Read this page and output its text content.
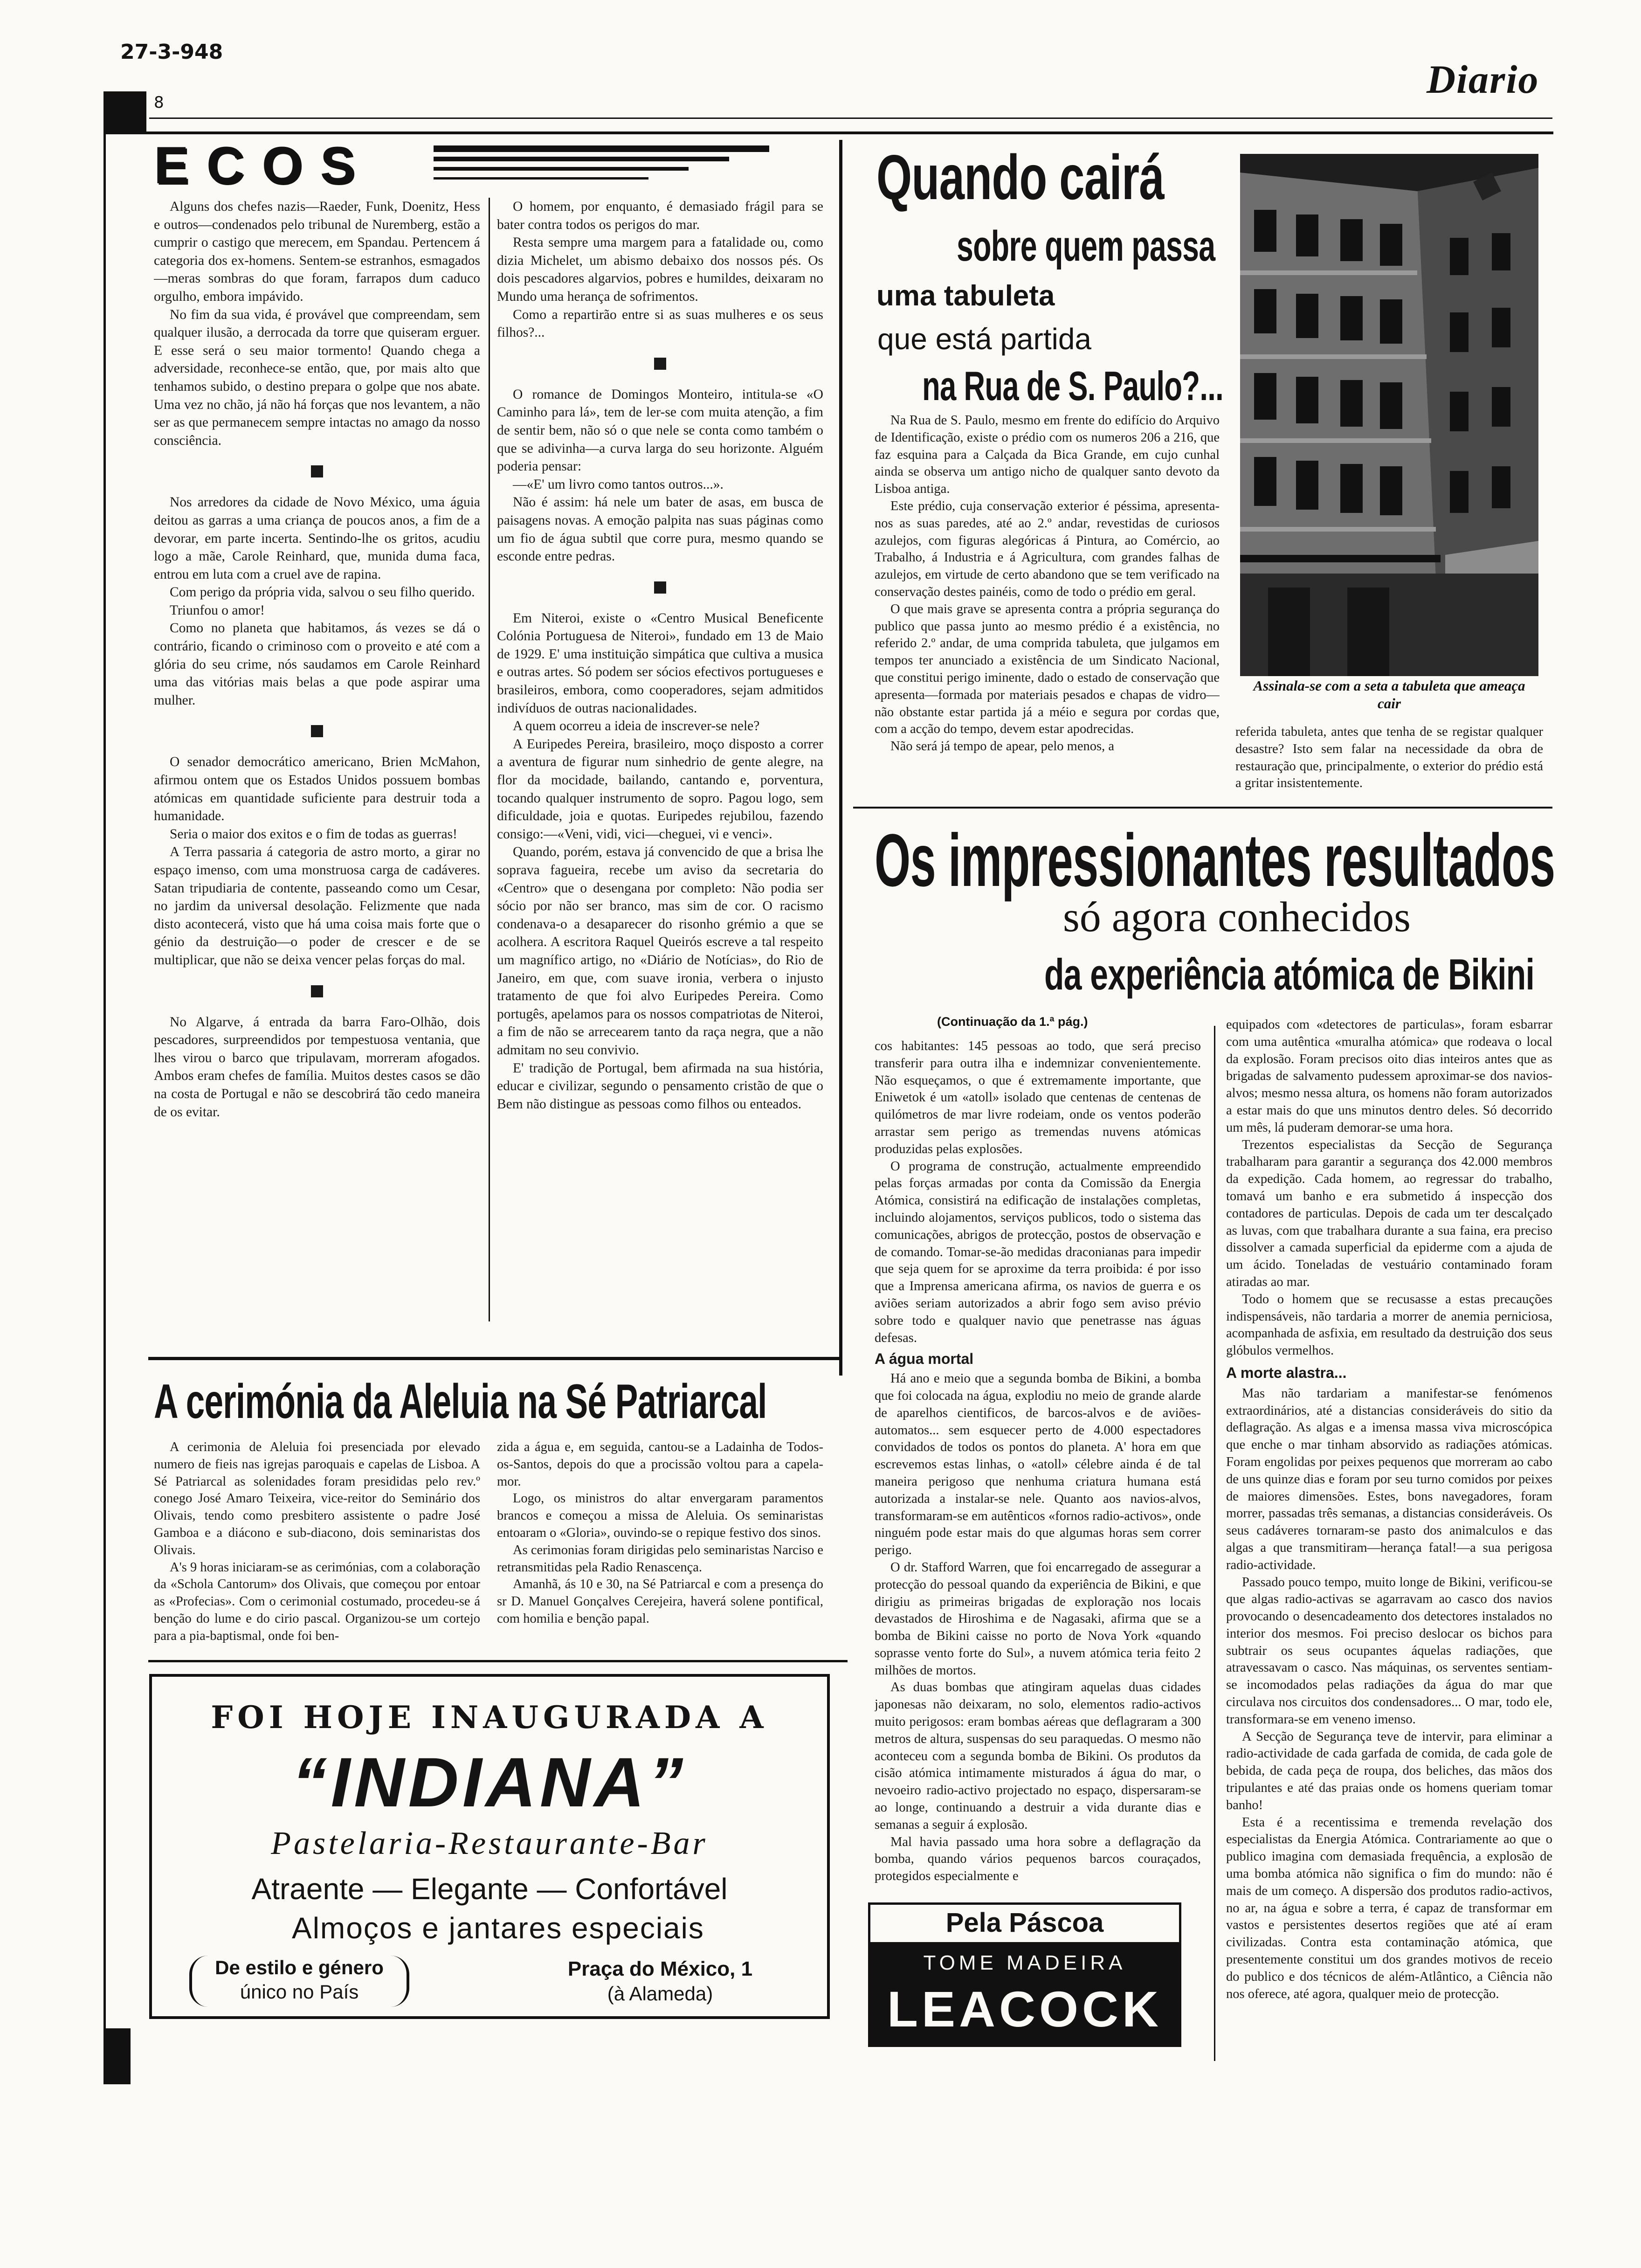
27-3-948
Diario
8
ECOS

Alguns dos chefes nazis—Raeder, Funk, Doenitz, Hess e outros—condenados pelo tribunal de Nuremberg, estão a cumprir o castigo que merecem, em Spandau. Pertencem á categoria dos ex-homens. Sentem-se estranhos, esmagados—meras sombras do que foram, farrapos dum caduco orgulho, embora impávido.

No fim da sua vida, é provável que compreendam, sem qualquer ilusão, a derrocada da torre que quiseram erguer. E esse será o seu maior tormento! Quando chega a adversidade, reconhece-se então, que, por mais alto que tenhamos subido, o destino prepara o golpe que nos abate. Uma vez no chão, já não há forças que nos levantem, a não ser as que permanecem sempre intactas no amago da nosso consciência.

Nos arredores da cidade de Novo México, uma águia deitou as garras a uma criança de poucos anos, a fim de a devorar, em parte incerta. Sentindo-lhe os gritos, acudiu logo a mãe, Carole Reinhard, que, munida duma faca, entrou em luta com a cruel ave de rapina.

Com perigo da própria vida, salvou o seu filho querido.

Triunfou o amor!

Como no planeta que habitamos, ás vezes se dá o contrário, ficando o criminoso com o proveito e até com a glória do seu crime, nós saudamos em Carole Reinhard uma das vitórias mais belas a que pode aspirar uma mulher.

O senador democrático americano, Brien McMahon, afirmou ontem que os Estados Unidos possuem bombas atómicas em quantidade suficiente para destruir toda a humanidade.

Seria o maior dos exitos e o fim de todas as guerras!

A Terra passaria á categoria de astro morto, a girar no espaço imenso, com uma monstruosa carga de cadáveres. Satan tripudiaria de contente, passeando como um Cesar, no jardim da universal desolação. Felizmente que nada disto acontecerá, visto que há uma coisa mais forte que o génio da destruição—o poder de crescer e de se multiplicar, que não se deixa vencer pelas forças do mal.

No Algarve, á entrada da barra Faro-Olhão, dois pescadores, surpreendidos por tempestuosa ventania, que lhes virou o barco que tripulavam, morreram afogados. Ambos eram chefes de família. Muitos destes casos se dão na costa de Portugal e não se descobrirá tão cedo maneira de os evitar.

O homem, por enquanto, é demasiado frágil para se bater contra todos os perigos do mar.

Resta sempre uma margem para a fatalidade ou, como dizia Michelet, um abismo debaixo dos nossos pés. Os dois pescadores algarvios, pobres e humildes, deixaram no Mundo uma herança de sofrimentos.

Como a repartirão entre si as suas mulheres e os seus filhos?...

O romance de Domingos Monteiro, intitula-se «O Caminho para lá», tem de ler-se com muita atenção, a fim de sentir bem, não só o que nele se conta como também o que se adivinha—a curva larga do seu horizonte. Alguém poderia pensar:

—«E' um livro como tantos outros...».

Não é assim: há nele um bater de asas, em busca de paisagens novas. A emoção palpita nas suas páginas como um fio de água subtil que corre pura, mesmo quando se esconde entre pedras.

Em Niteroi, existe o «Centro Musical Beneficente Colónia Portuguesa de Niteroi», fundado em 13 de Maio de 1929. E' uma instituição simpática que cultiva a musica e outras artes. Só podem ser sócios efectivos portugueses e brasileiros, embora, como cooperadores, sejam admitidos indivíduos de outras nacionalidades.

A quem ocorreu a ideia de inscrever-se nele?

A Euripedes Pereira, brasileiro, moço disposto a correr a aventura de figurar num sinhedrio de gente alegre, na flor da mocidade, bailando, cantando e, porventura, tocando qualquer instrumento de sopro. Pagou logo, sem dificuldade, joia e quotas. Euripedes rejubilou, fazendo consigo:—«Veni, vidi, vici—cheguei, vi e venci».

Quando, porém, estava já convencido de que a brisa lhe soprava fagueira, recebe um aviso da secretaria do «Centro» que o desengana por completo: Não podia ser sócio por não ser branco, mas sim de cor. O racismo condenava-o a desaparecer do risonho grémio a que se acolhera. A escritora Raquel Queirós escreve a tal respeito um magnífico artigo, no «Diário de Notícias», do Rio de Janeiro, em que, com suave ironia, verbera o injusto tratamento de que foi alvo Euripedes Pereira. Como portugês, apelamos para os nossos compatriotas de Niteroi, a fim de não se arrecearem tanto da raça negra, que a não admitam no seu convivio.

E' tradição de Portugal, bem afirmada na sua história, educar e civilizar, segundo o pensamento cristão de que o Bem não distingue as pessoas como filhos ou enteados.

Quando cairá
sobre quem passa
uma tabuleta
que está partida
na Rua de S. Paulo?...

Na Rua de S. Paulo, mesmo em frente do edifício do Arquivo de Identificação, existe o prédio com os numeros 206 a 216, que faz esquina para a Calçada da Bica Grande, em cujo cunhal ainda se observa um antigo nicho de qualquer santo devoto da Lisboa antiga.

Este prédio, cuja conservação exterior é péssima, apresenta-nos as suas paredes, até ao 2.º andar, revestidas de curiosos azulejos, com figuras alegóricas á Pintura, ao Comércio, ao Trabalho, á Industria e á Agricultura, com grandes falhas de azulejos, em virtude de certo abandono que se tem verificado na conservação destes painéis, como de todo o prédio em geral.

O que mais grave se apresenta contra a própria segurança do publico que passa junto ao mesmo prédio é a existência, no referido 2.º andar, de uma comprida tabuleta, que julgamos em tempos ter anunciado a existência de um Sindicato Nacional, que constitui perigo iminente, dado o estado de conservação que apresenta—formada por materiais pesados e chapas de vidro—não obstante estar partida já a méio e segura por cordas que, com a acção do tempo, devem estar apodrecidas.

Não será já tempo de apear, pelo menos, a

Assinala-se com a seta a tabuleta que ameaça cair
referida tabuleta, antes que tenha de se registar qualquer desastre? Isto sem falar na necessidade da obra de restauração que, principalmente, o exterior do prédio está a gritar insistentemente.
Os impressionantes resultados
só agora conhecidos
da experiência atómica de Bikini
(Continuação da 1.ª pág.)

cos habitantes: 145 pessoas ao todo, que será preciso transferir para outra ilha e indemnizar convenientemente. Não esqueçamos, o que é extremamente importante, que Eniwetok é um «atoll» isolado que centenas de centenas de quilómetros de mar livre rodeiam, onde os ventos poderão arrastar sem perigo as tremendas nuvens atómicas produzidas pelas explosões.

O programa de construção, actualmente empreendido pelas forças armadas por conta da Comissão da Energia Atómica, consistirá na edificação de instalações completas, incluindo alojamentos, serviços publicos, todo o sistema das comunicações, abrigos de protecção, postos de observação e de comando. Tomar-se-ão medidas draconianas para impedir que seja quem for se aproxime da terra proibida: é por isso que a Imprensa americana afirma, os navios de guerra e os aviões seriam autorizados a abrir fogo sem aviso prévio sobre todo e qualquer navio que penetrasse nas águas defesas.

A água mortal

Há ano e meio que a segunda bomba de Bikini, a bomba que foi colocada na água, explodiu no meio de grande alarde de aparelhos cientificos, de barcos-alvos e de aviões-automatos... sem esquecer perto de 4.000 espectadores convidados de todos os pontos do planeta. A' hora em que escrevemos estas linhas, o «atoll» célebre ainda é de tal maneira perigoso que nenhuma criatura humana está autorizada a instalar-se nele. Quanto aos navios-alvos, transformaram-se em autênticos «fornos radio-activos», onde ninguém pode estar mais do que algumas horas sem correr perigo.

O dr. Stafford Warren, que foi encarregado de assegurar a protecção do pessoal quando da experiência de Bikini, e que dirigiu as primeiras brigadas de exploração nos locais devastados de Hiroshima e de Nagasaki, afirma que se a bomba de Bikini caisse no porto de Nova York «quando soprasse vento forte do Sul», a nuvem atómica teria feito 2 milhões de mortos.

As duas bombas que atingiram aquelas duas cidades japonesas não deixaram, no solo, elementos radio-activos muito perigosos: eram bombas aéreas que deflagraram a 300 metros de altura, suspensas do seu paraquedas. O mesmo não aconteceu com a segunda bomba de Bikini. Os produtos da cisão atómica intimamente misturados á água do mar, o nevoeiro radio-activo projectado no espaço, dispersaram-se ao longe, continuando a destruir a vida durante dias e semanas a seguir á explosão.

Mal havia passado uma hora sobre a deflagração da bomba, quando vários pequenos barcos couraçados, protegidos especialmente e

equipados com «detectores de particulas», foram esbarrar com uma autêntica «muralha atómica» que rodeava o local da explosão. Foram precisos oito dias inteiros antes que as brigadas de salvamento pudessem aproximar-se dos navios-alvos; mesmo nessa altura, os homens não foram autorizados a estar mais do que uns minutos dentro deles. Só decorrido um mês, lá puderam demorar-se uma hora.

Trezentos especialistas da Secção de Segurança trabalharam para garantir a segurança dos 42.000 membros da expedição. Cada homem, ao regressar do trabalho, tomavá um banho e era submetido á inspecção dos contadores de particulas. Depois de cada um ter descalçado as luvas, com que trabalhara durante a sua faina, era preciso dissolver a camada superficial da epiderme com a ajuda de um ácido. Toneladas de vestuário contaminado foram atiradas ao mar.

Todo o homem que se recusasse a estas precauções indispensáveis, não tardaria a morrer de anemia perniciosa, acompanhada de asfixia, em resultado da destruição dos seus glóbulos vermelhos.

A morte alastra...

Mas não tardariam a manifestar-se fenómenos extraordinários, até a distancias consideráveis do sitio da deflagração. As algas e a imensa massa viva microscópica que enche o mar tinham absorvido as radiações atómicas. Foram engolidas por peixes pequenos que morreram ao cabo de uns quinze dias e foram por seu turno comidos por peixes de maiores dimensões. Estes, bons navegadores, foram morrer, passadas três semanas, a distancias consideráveis. Os seus cadáveres tornaram-se pasto dos animalculos e das algas a que transmitiram—herança fatal!—a sua perigosa radio-actividade.

Passado pouco tempo, muito longe de Bikini, verificou-se que algas radio-activas se agarravam ao casco dos navios provocando o desencadeamento dos detectores instalados no interior dos mesmos. Foi preciso deslocar os bichos para subtrair os seus ocupantes áquelas radiações, que atravessavam o casco. Nas máquinas, os serventes sentiam-se incomodados pelas radiações da água do mar que circulava nos circuitos dos condensadores... O mar, todo ele, transformara-se em veneno imenso.

A Secção de Segurança teve de intervir, para eliminar a radio-actividade de cada garfada de comida, de cada gole de bebida, de cada peça de roupa, dos beliches, das mãos dos tripulantes e até das praias onde os homens queriam tomar banho!

Esta é a recentissima e tremenda revelação dos especialistas da Energia Atómica. Contrariamente ao que o publico imagina com demasiada frequência, a explosão de uma bomba atómica não significa o fim do mundo: não é mais de um começo. A dispersão dos produtos radio-activos, no ar, na água e sobre a terra, é capaz de transformar em vastos e persistentes desertos regiões que até aí eram civilizadas. Contra esta contaminação atómica, que presentemente constitui um dos grandes motivos de receio do publico e dos técnicos de além-Atlântico, a Ciência não nos oferece, até agora, qualquer meio de protecção.

A cerimónia da Aleluia na Sé Patriarcal

A cerimonia de Aleluia foi presenciada por elevado numero de fieis nas igrejas paroquais e capelas de Lisboa. A Sé Patriarcal as solenidades foram presididas pelo rev.º conego José Amaro Teixeira, vice-reitor do Seminário dos Olivais, tendo como presbitero assistente o padre José Gamboa e a diácono e sub-diacono, dois seminaristas dos Olivais.

A's 9 horas iniciaram-se as cerimónias, com a colaboração da «Schola Cantorum» dos Olivais, que começou por entoar as «Profecias». Com o cerimonial costumado, procedeu-se á benção do lume e do cirio pascal. Organizou-se um cortejo para a pia-baptismal, onde foi ben-

zida a água e, em seguida, cantou-se a Ladainha de Todos-os-Santos, depois do que a procissão voltou para a capela-mor.

Logo, os ministros do altar envergaram paramentos brancos e começou a missa de Aleluia. Os seminaristas entoaram o «Gloria», ouvindo-se o repique festivo dos sinos.

As cerimonias foram dirigidas pelo seminaristas Narciso e retransmitidas pela Radio Renascença.

Amanhã, ás 10 e 30, na Sé Patriarcal e com a presença do sr D. Manuel Gonçalves Cerejeira, haverá solene pontifical, com homilia e benção papal.

FOI HOJE INAUGURADA A
“INDIANA”
Pastelaria-Restaurante-Bar
Atraente — Elegante — Confortável
Almoços e jantares especiais
De estilo e género
único no País
Praça do México, 1
(à Alameda)
Pela Páscoa
TOME MADEIRA
LEACOCK
